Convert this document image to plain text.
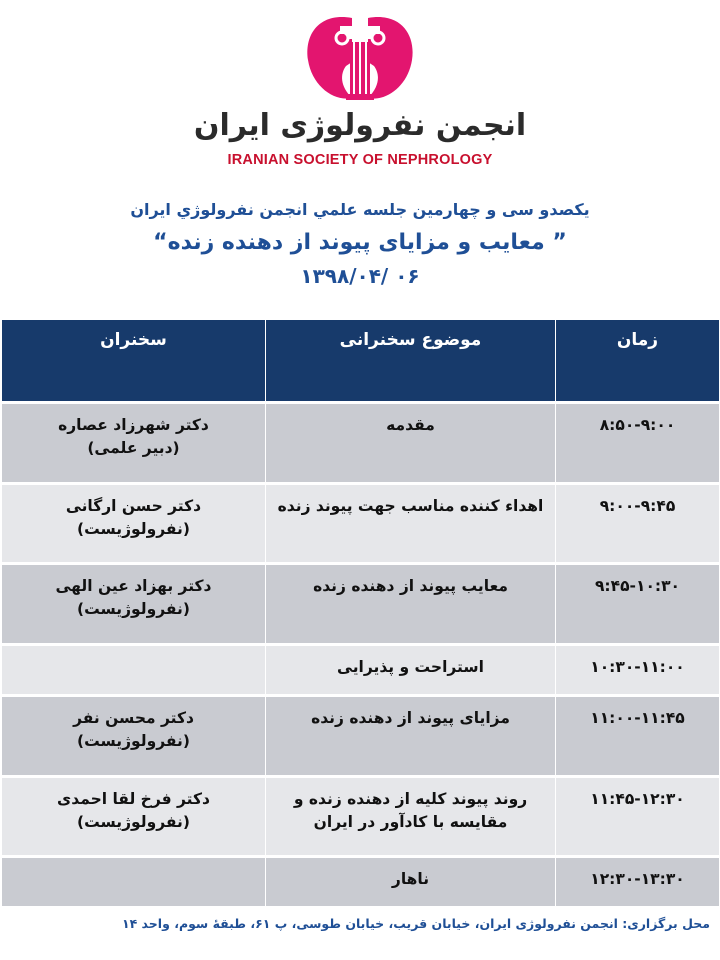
انجمن نفرولوژی ایران
IRANIAN SOCIETY OF NEPHROLOGY
يكصدو سی و چهارمين جلسه علمي انجمن نفرولوژي ايران
” معایب و مزایای پیوند از دهنده زنده“
۱۳۹۸/۰۴/ ۰۶
زمان	موضوع سخنرانی	سخنران
۸:۵۰-۹:۰۰	مقدمه	دکتر شهرزاد عصاره
(دبیر علمی)

۹:۰۰-۹:۴۵	اهداء کننده مناسب جهت پیوند زنده	دکتر حسن ارگانی
(نفرولوژیست)

۹:۴۵-۱۰:۳۰	معایب پیوند از دهنده زنده	دکتر بهزاد عین الهی
(نفرولوژیست)

۱۰:۳۰-۱۱:۰۰	استراحت و پذیرایی	

۱۱:۰۰-۱۱:۴۵	مزایای پیوند از دهنده زنده	دکتر محسن نفر
(نفرولوژیست)

۱۱:۴۵-۱۲:۳۰	روند پیوند کلیه از دهنده زنده و مقایسه با کادآور در ایران	دکتر فرخ لقا احمدی
(نفرولوژیست)

۱۲:۳۰-۱۳:۳۰	ناهار	
محل برگزاری: انجمن نفرولوژی ایران، خیابان قریب، خیابان طوسی، پ ۶۱، طبقهٔ سوم، واحد ۱۴
